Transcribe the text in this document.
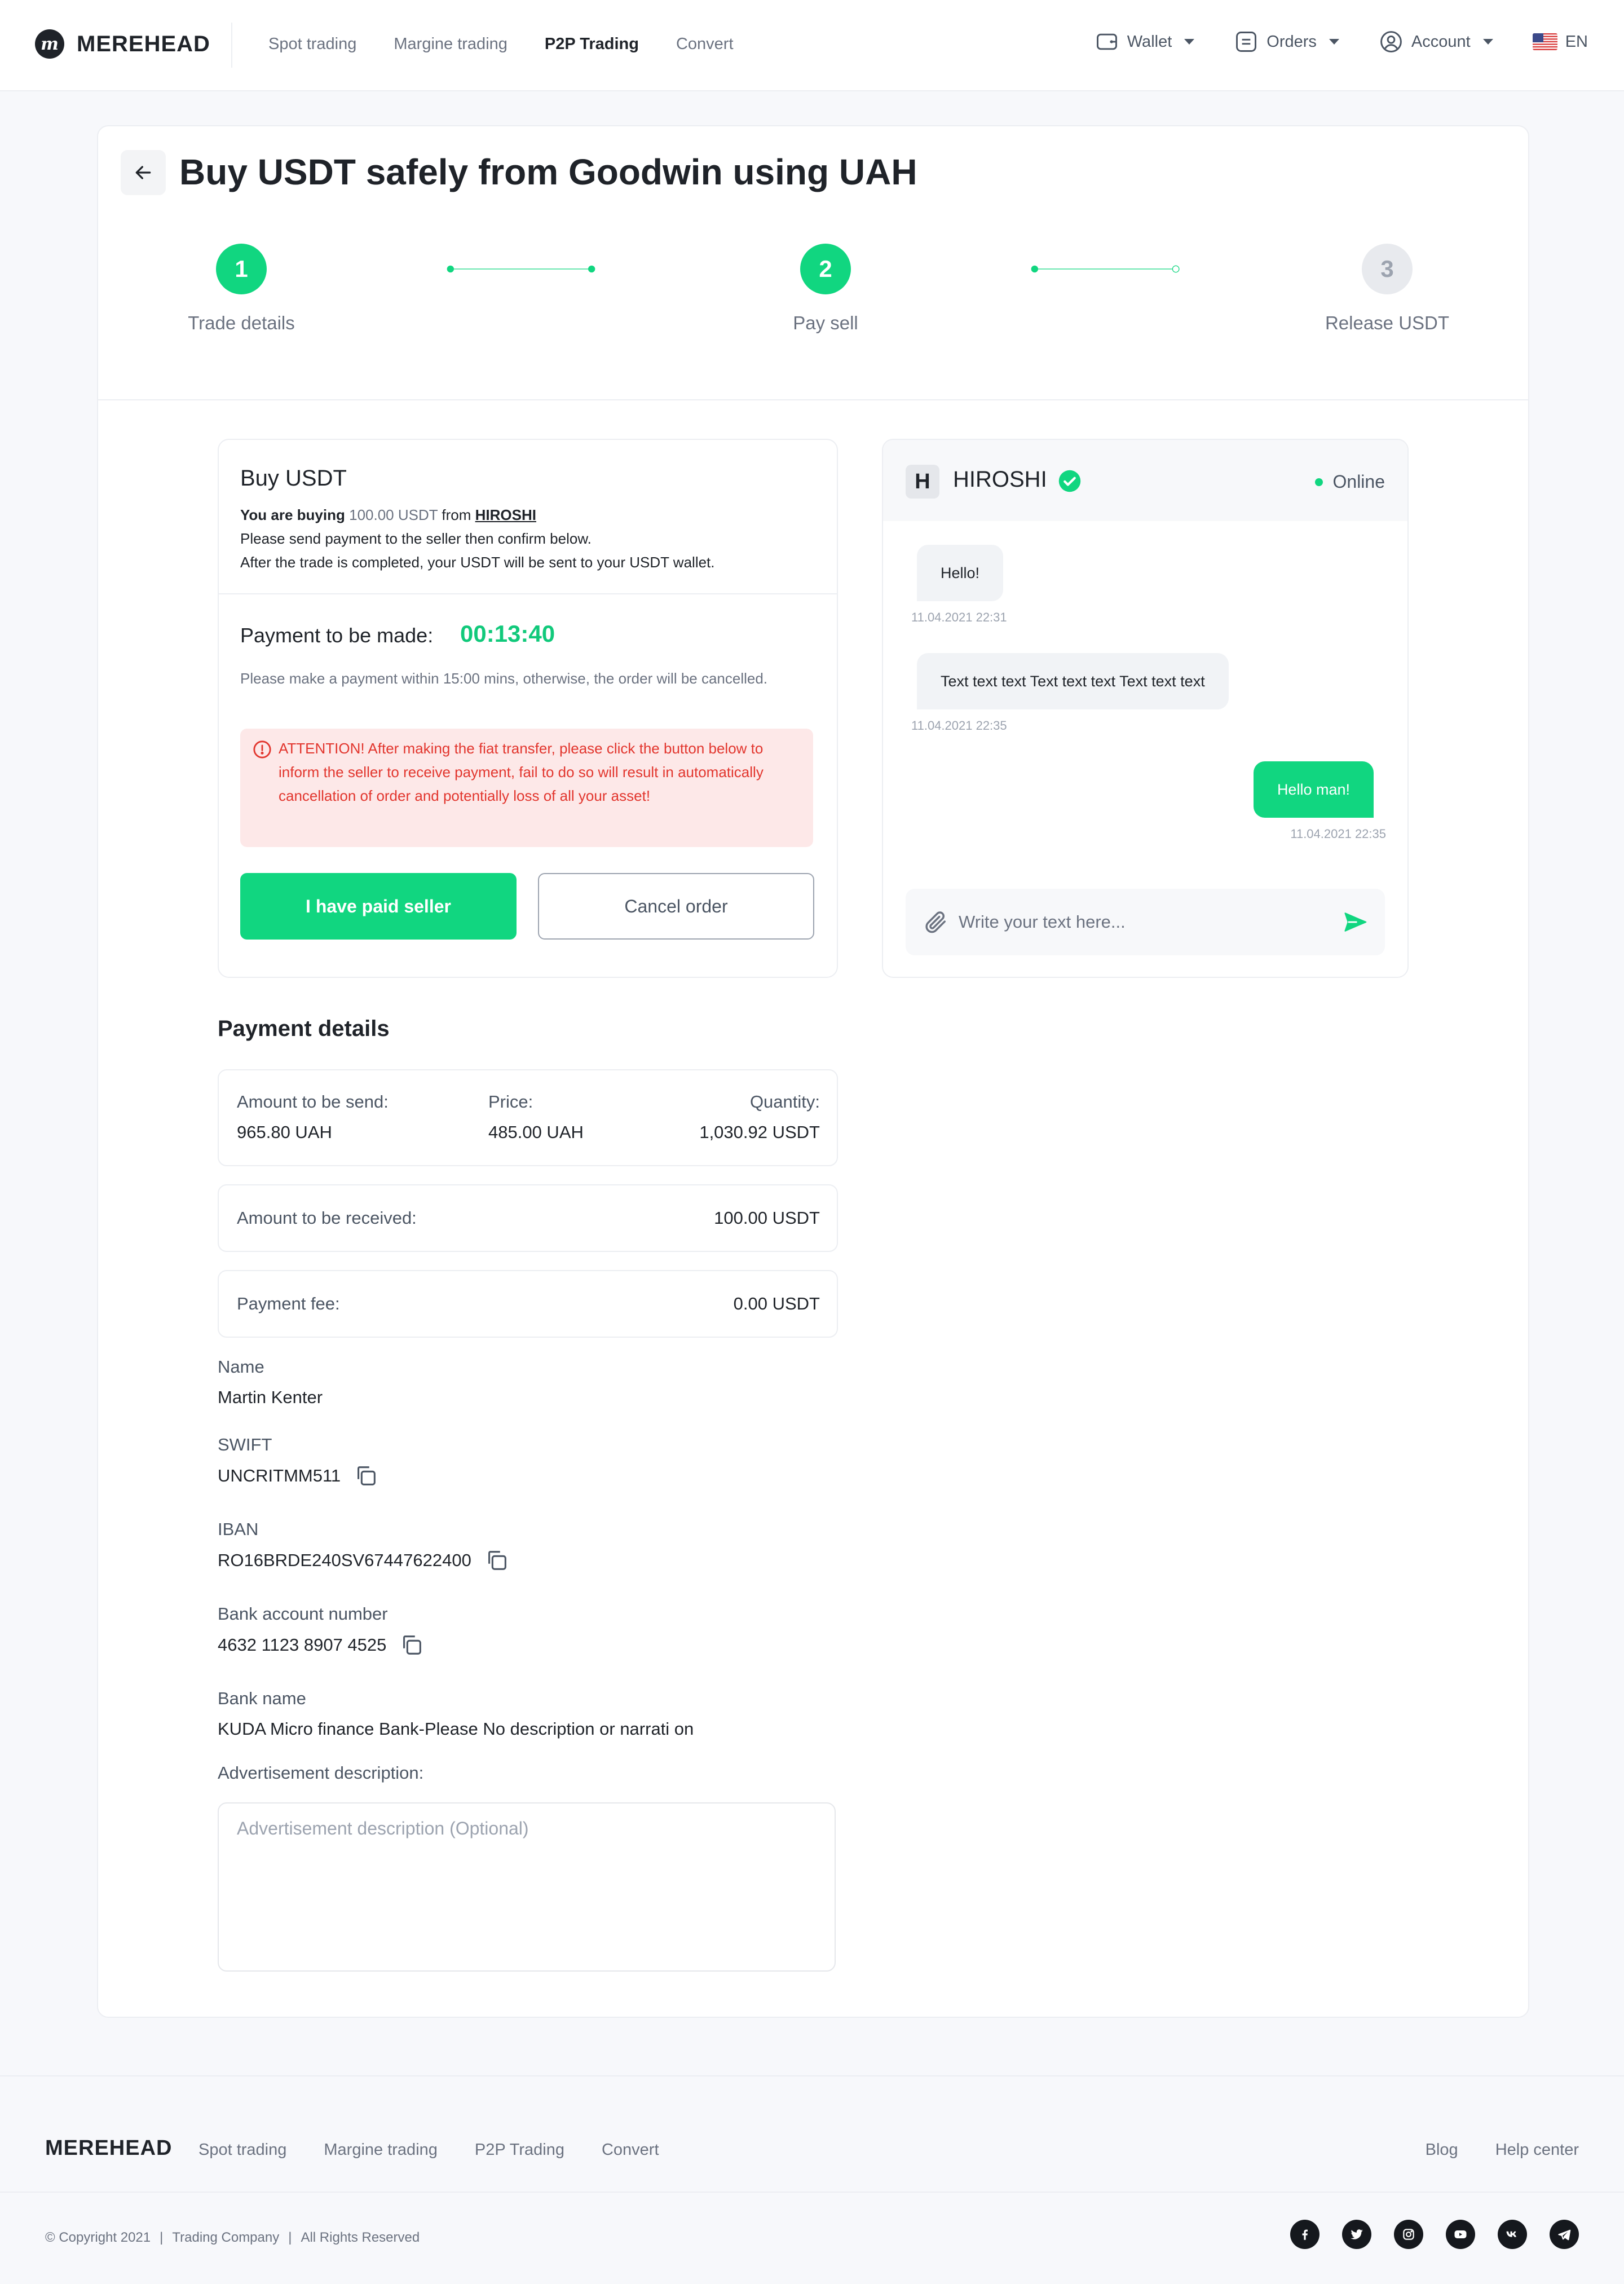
m MEREHEAD	Spot trading Margine trading P2P Trading Convert	Wallet	Orders	Account	EN
Buy USDT safely from Goodwin using UAH
1
Trade details
2
Pay sell
3
Release USDT
Buy USDT
You are buying 100.00 USDT from HIROSHI
Please send payment to the seller then confirm below.
After the trade is completed, your USDT will be sent to your USDT wallet.
Payment to be made: 00:13:40
Please make a payment within 15:00 mins, otherwise, the order will be cancelled.
ATTENTION! After making the fiat transfer, please click the button below to inform the seller to receive payment, fail to do so will result in automatically cancellation of order and potentially loss of all your asset!
I have paid seller	Cancel order
H	HIROSHI	Online
Hello!
11.04.2021 22:31
Text text text Text text text Text text text
11.04.2021 22:35
Hello man!
11.04.2021 22:35
Write your text here...
Payment details
Amount to be send:
965.80 UAH
Price:
485.00 UAH
Quantity:
1,030.92 USDT
Amount to be received:	100.00 USDT
Payment fee:	0.00 USDT
Name
Martin Kenter
SWIFT
UNCRITMM511
IBAN
RO16BRDE240SV67447622400
Bank account number
4632 1123 8907 4525
Bank name
KUDA Micro finance Bank-Please No description or narrati on
Advertisement description:
Advertisement description (Optional)
MEREHEAD Spot trading Margine trading P2P Trading Convert	Blog Help center
© Copyright 2021 | Trading Company | All Rights Reserved
